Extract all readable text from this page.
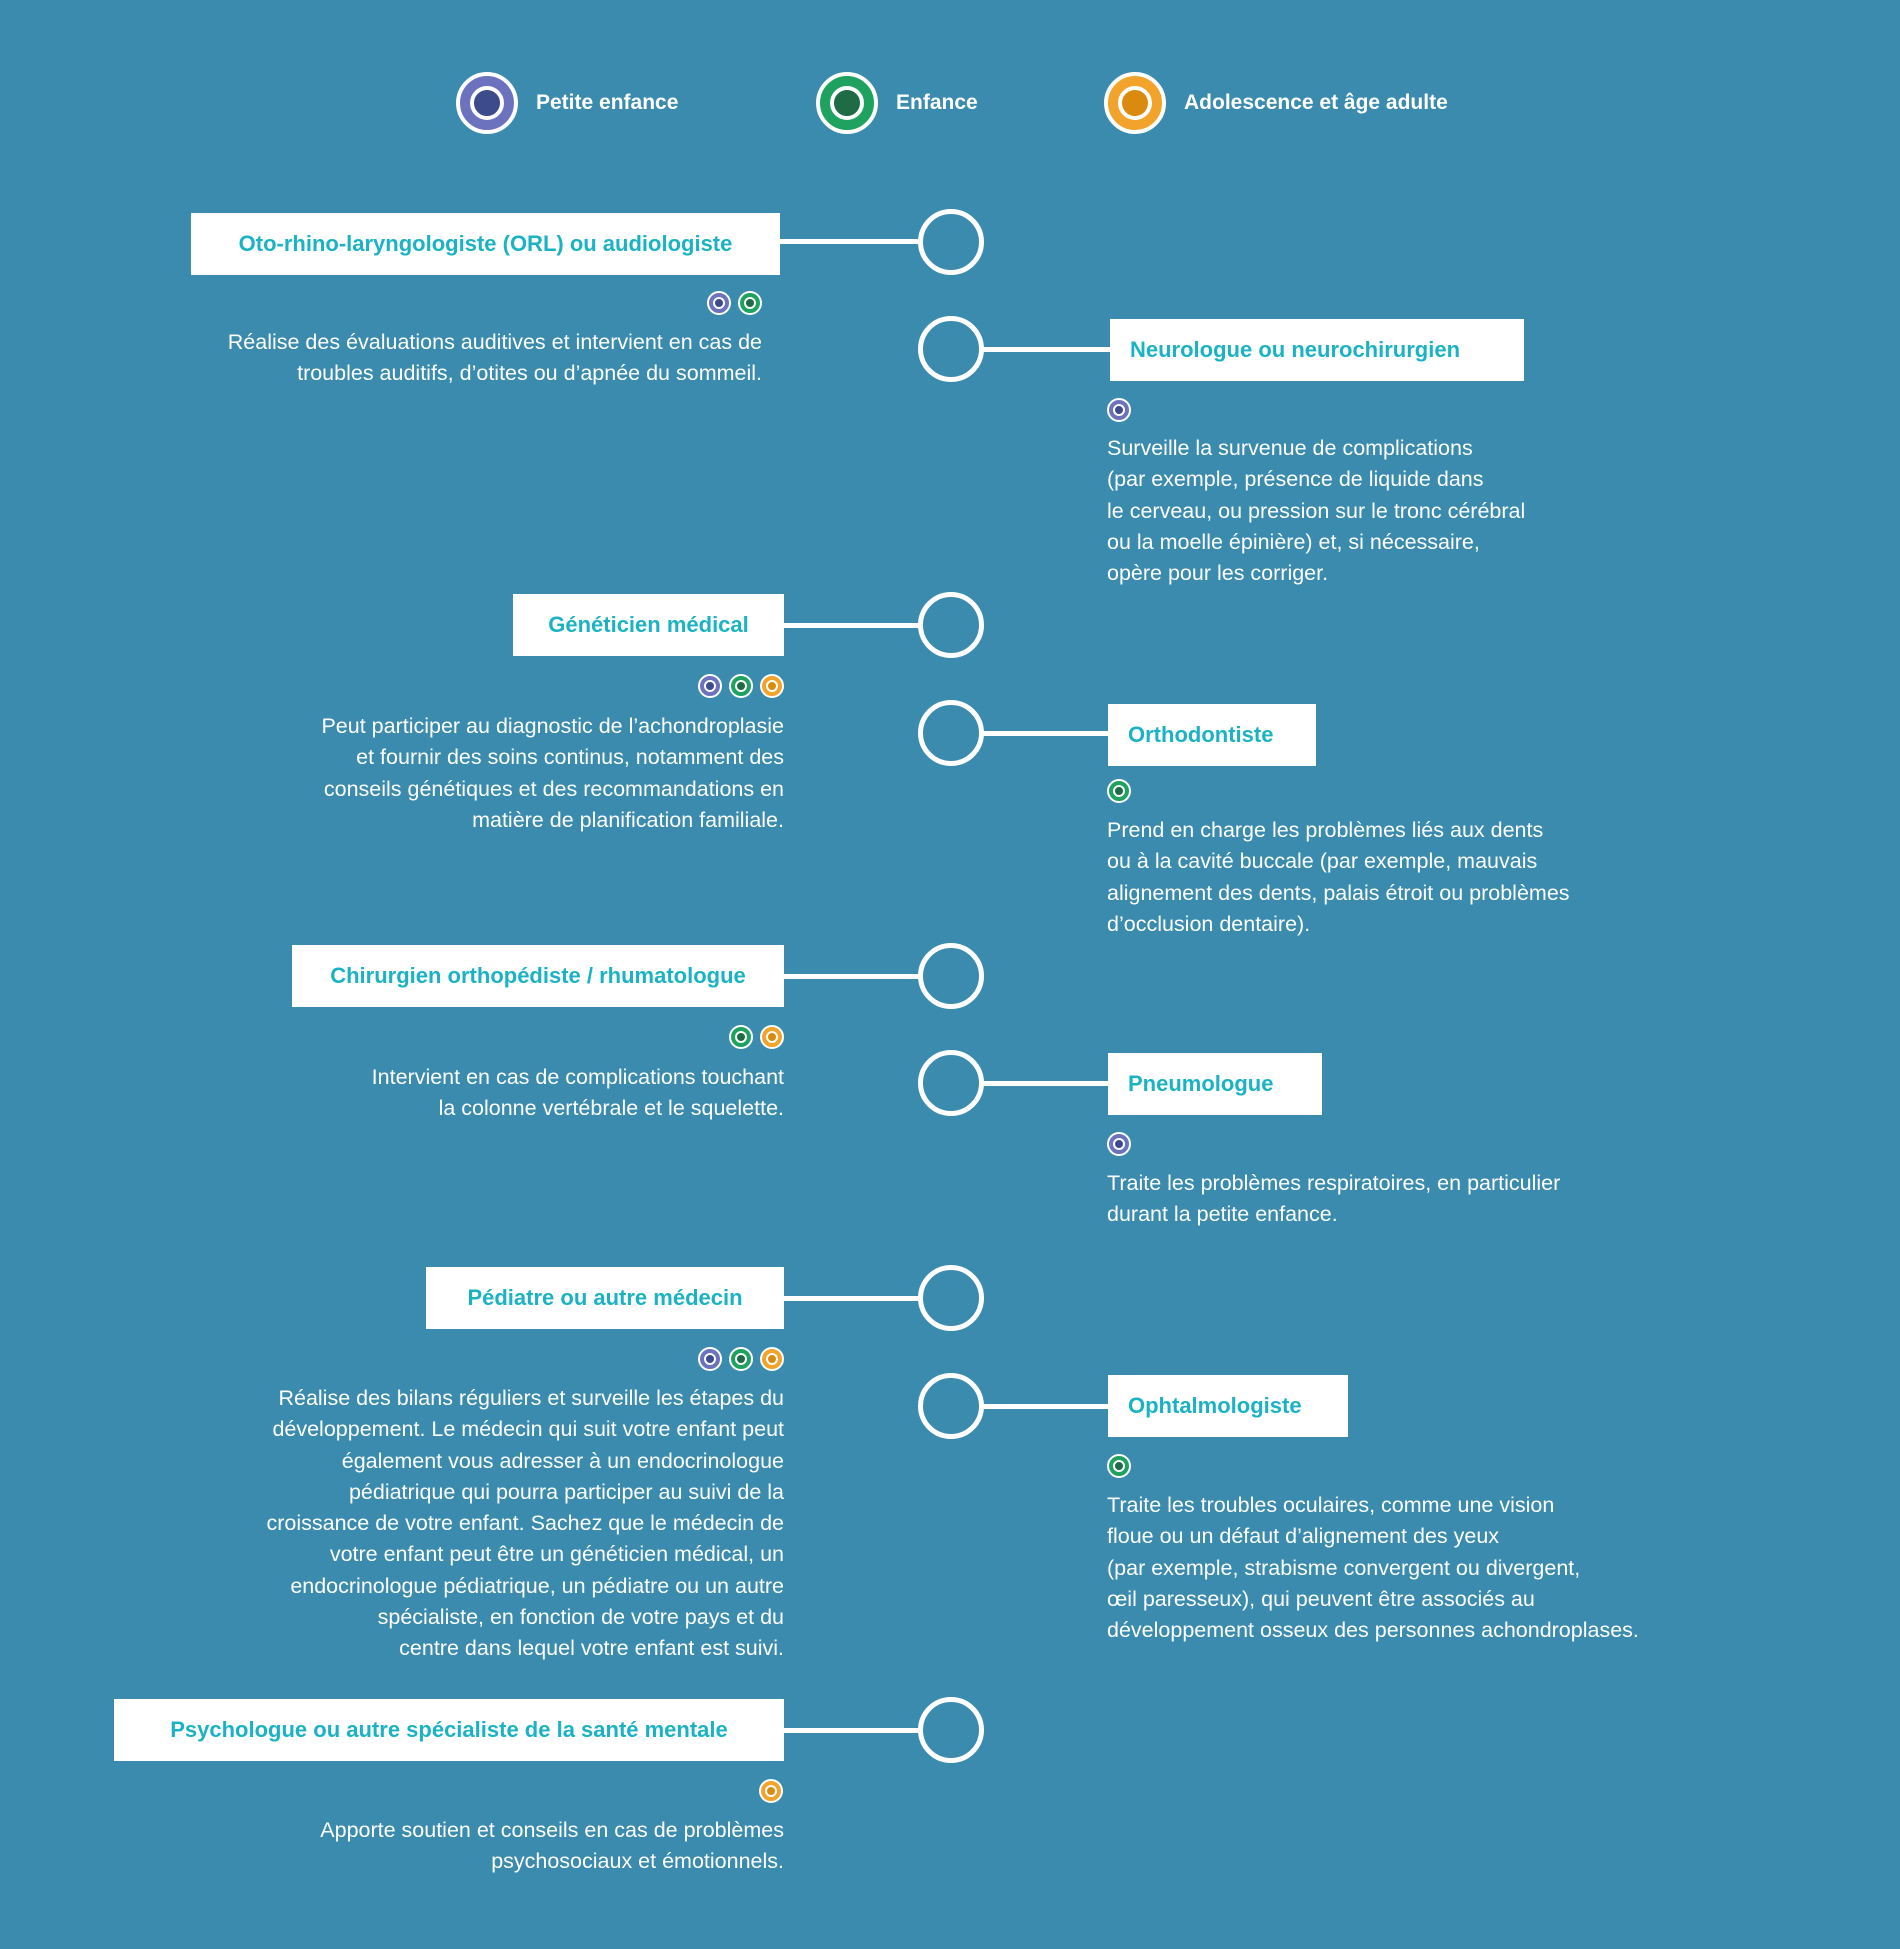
Petite enfance	Enfance	Adolescence et âge adulte
Oto-rhino-laryngologiste (ORL) ou audiologiste
Réalise des évaluations auditives et intervient en cas de
troubles auditifs, d’otites ou d’apnée du sommeil.
Neurologue ou neurochirurgien
Surveille la survenue de complications
(par exemple, présence de liquide dans
le cerveau, ou pression sur le tronc cérébral
ou la moelle épinière) et, si nécessaire,
opère pour les corriger.
Généticien médical
Peut participer au diagnostic de l’achondroplasie
et fournir des soins continus, notamment des
conseils génétiques et des recommandations en
matière de planification familiale.
Orthodontiste
Prend en charge les problèmes liés aux dents
ou à la cavité buccale (par exemple, mauvais
alignement des dents, palais étroit ou problèmes
d’occlusion dentaire).
Chirurgien orthopédiste / rhumatologue
Intervient en cas de complications touchant
la colonne vertébrale et le squelette.
Pneumologue
Traite les problèmes respiratoires, en particulier
durant la petite enfance.
Pédiatre ou autre médecin
Réalise des bilans réguliers et surveille les étapes du
développement. Le médecin qui suit votre enfant peut
également vous adresser à un endocrinologue
pédiatrique qui pourra participer au suivi de la
croissance de votre enfant. Sachez que le médecin de
votre enfant peut être un généticien médical, un
endocrinologue pédiatrique, un pédiatre ou un autre
spécialiste, en fonction de votre pays et du
centre dans lequel votre enfant est suivi.
Ophtalmologiste
Traite les troubles oculaires, comme une vision
floue ou un défaut d’alignement des yeux
(par exemple, strabisme convergent ou divergent,
œil paresseux), qui peuvent être associés au
développement osseux des personnes achondroplases.
Psychologue ou autre spécialiste de la santé mentale
Apporte soutien et conseils en cas de problèmes
psychosociaux et émotionnels.
